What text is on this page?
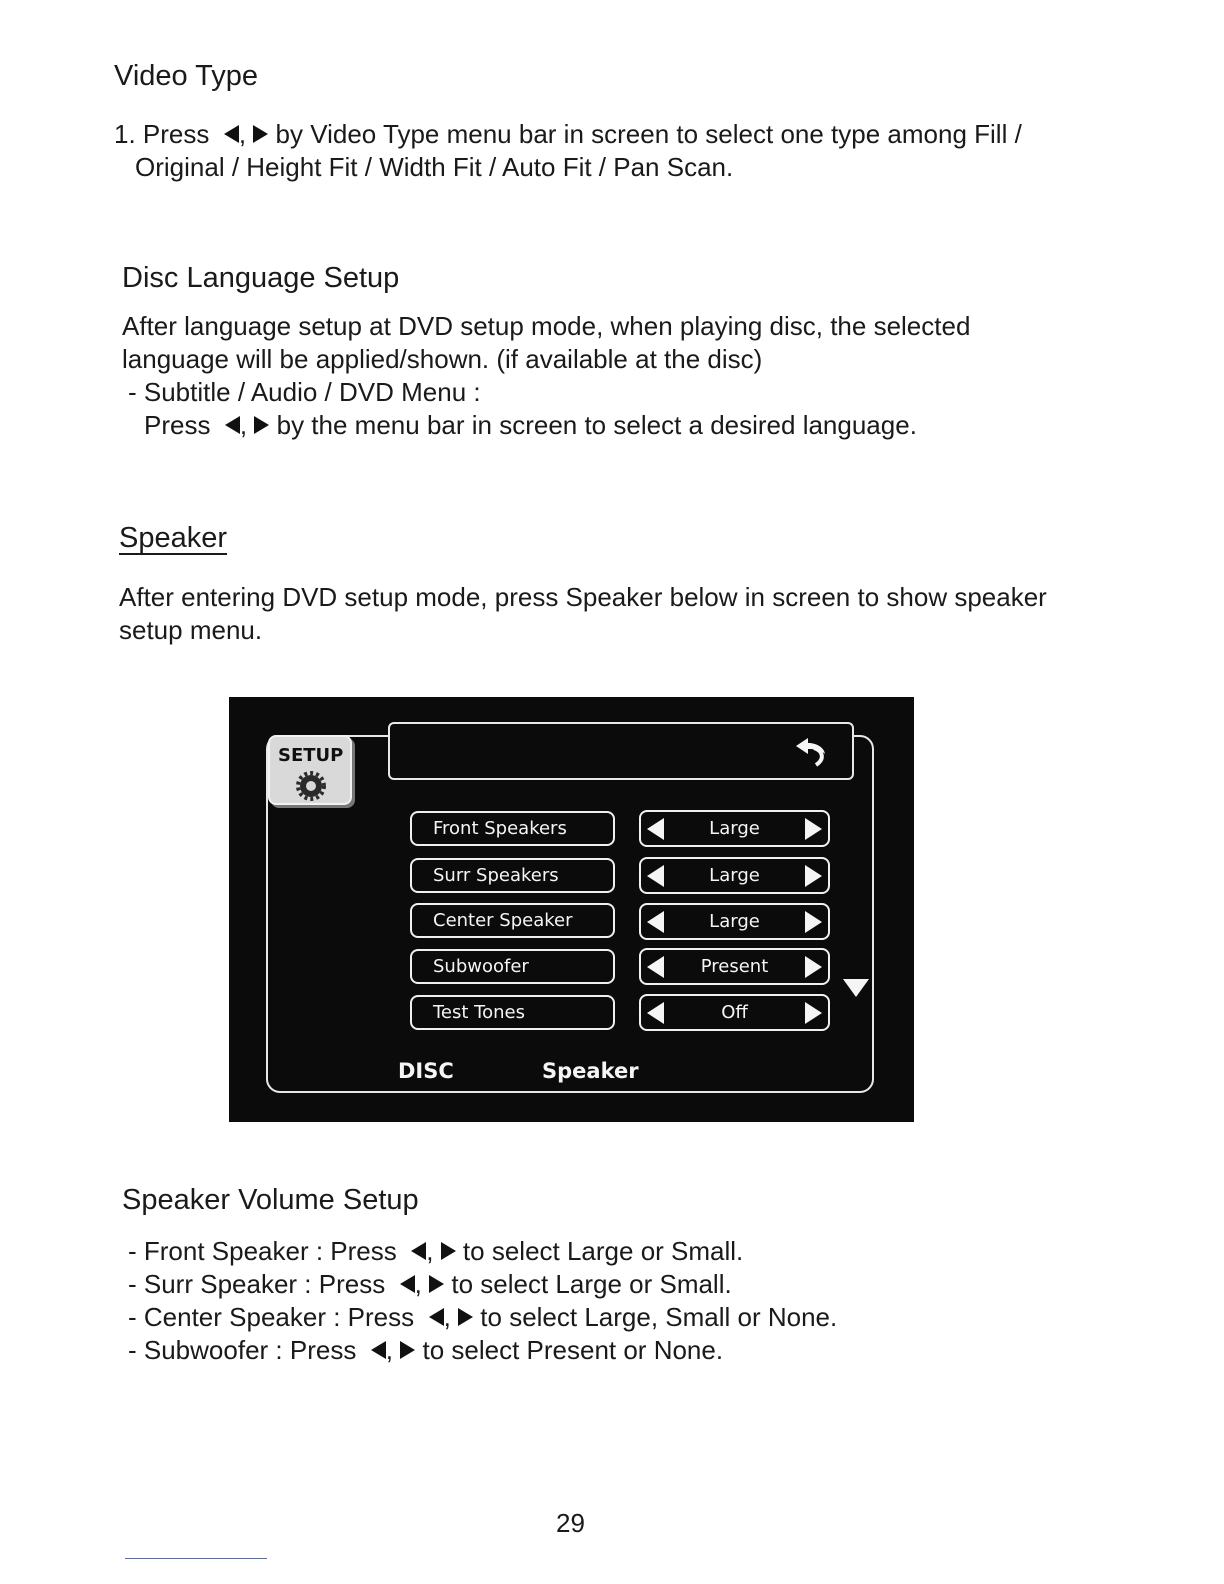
Video Type

1. Press , by Video Type menu bar in screen to select one type among Fill /

Original / Height Fit / Width Fit / Auto Fit / Pan Scan.

Disc Language Setup

After language setup at DVD setup mode, when playing disc, the selected

language will be applied/shown. (if available at the disc)

- Subtitle / Audio / DVD Menu :

Press , by the menu bar in screen to select a desired language.

Speaker

After entering DVD setup mode, press Speaker below in screen to show speaker

setup menu.

SETUP
Front Speakers
Surr Speakers
Center Speaker
Subwoofer
Test Tones
Large
Large
Large
Present
Off
DISC	Speaker
Speaker Volume Setup

- Front Speaker : Press , to select Large or Small.

- Surr Speaker : Press , to select Large or Small.

- Center Speaker : Press , to select Large, Small or None.

- Subwoofer : Press , to select Present or None.

29
